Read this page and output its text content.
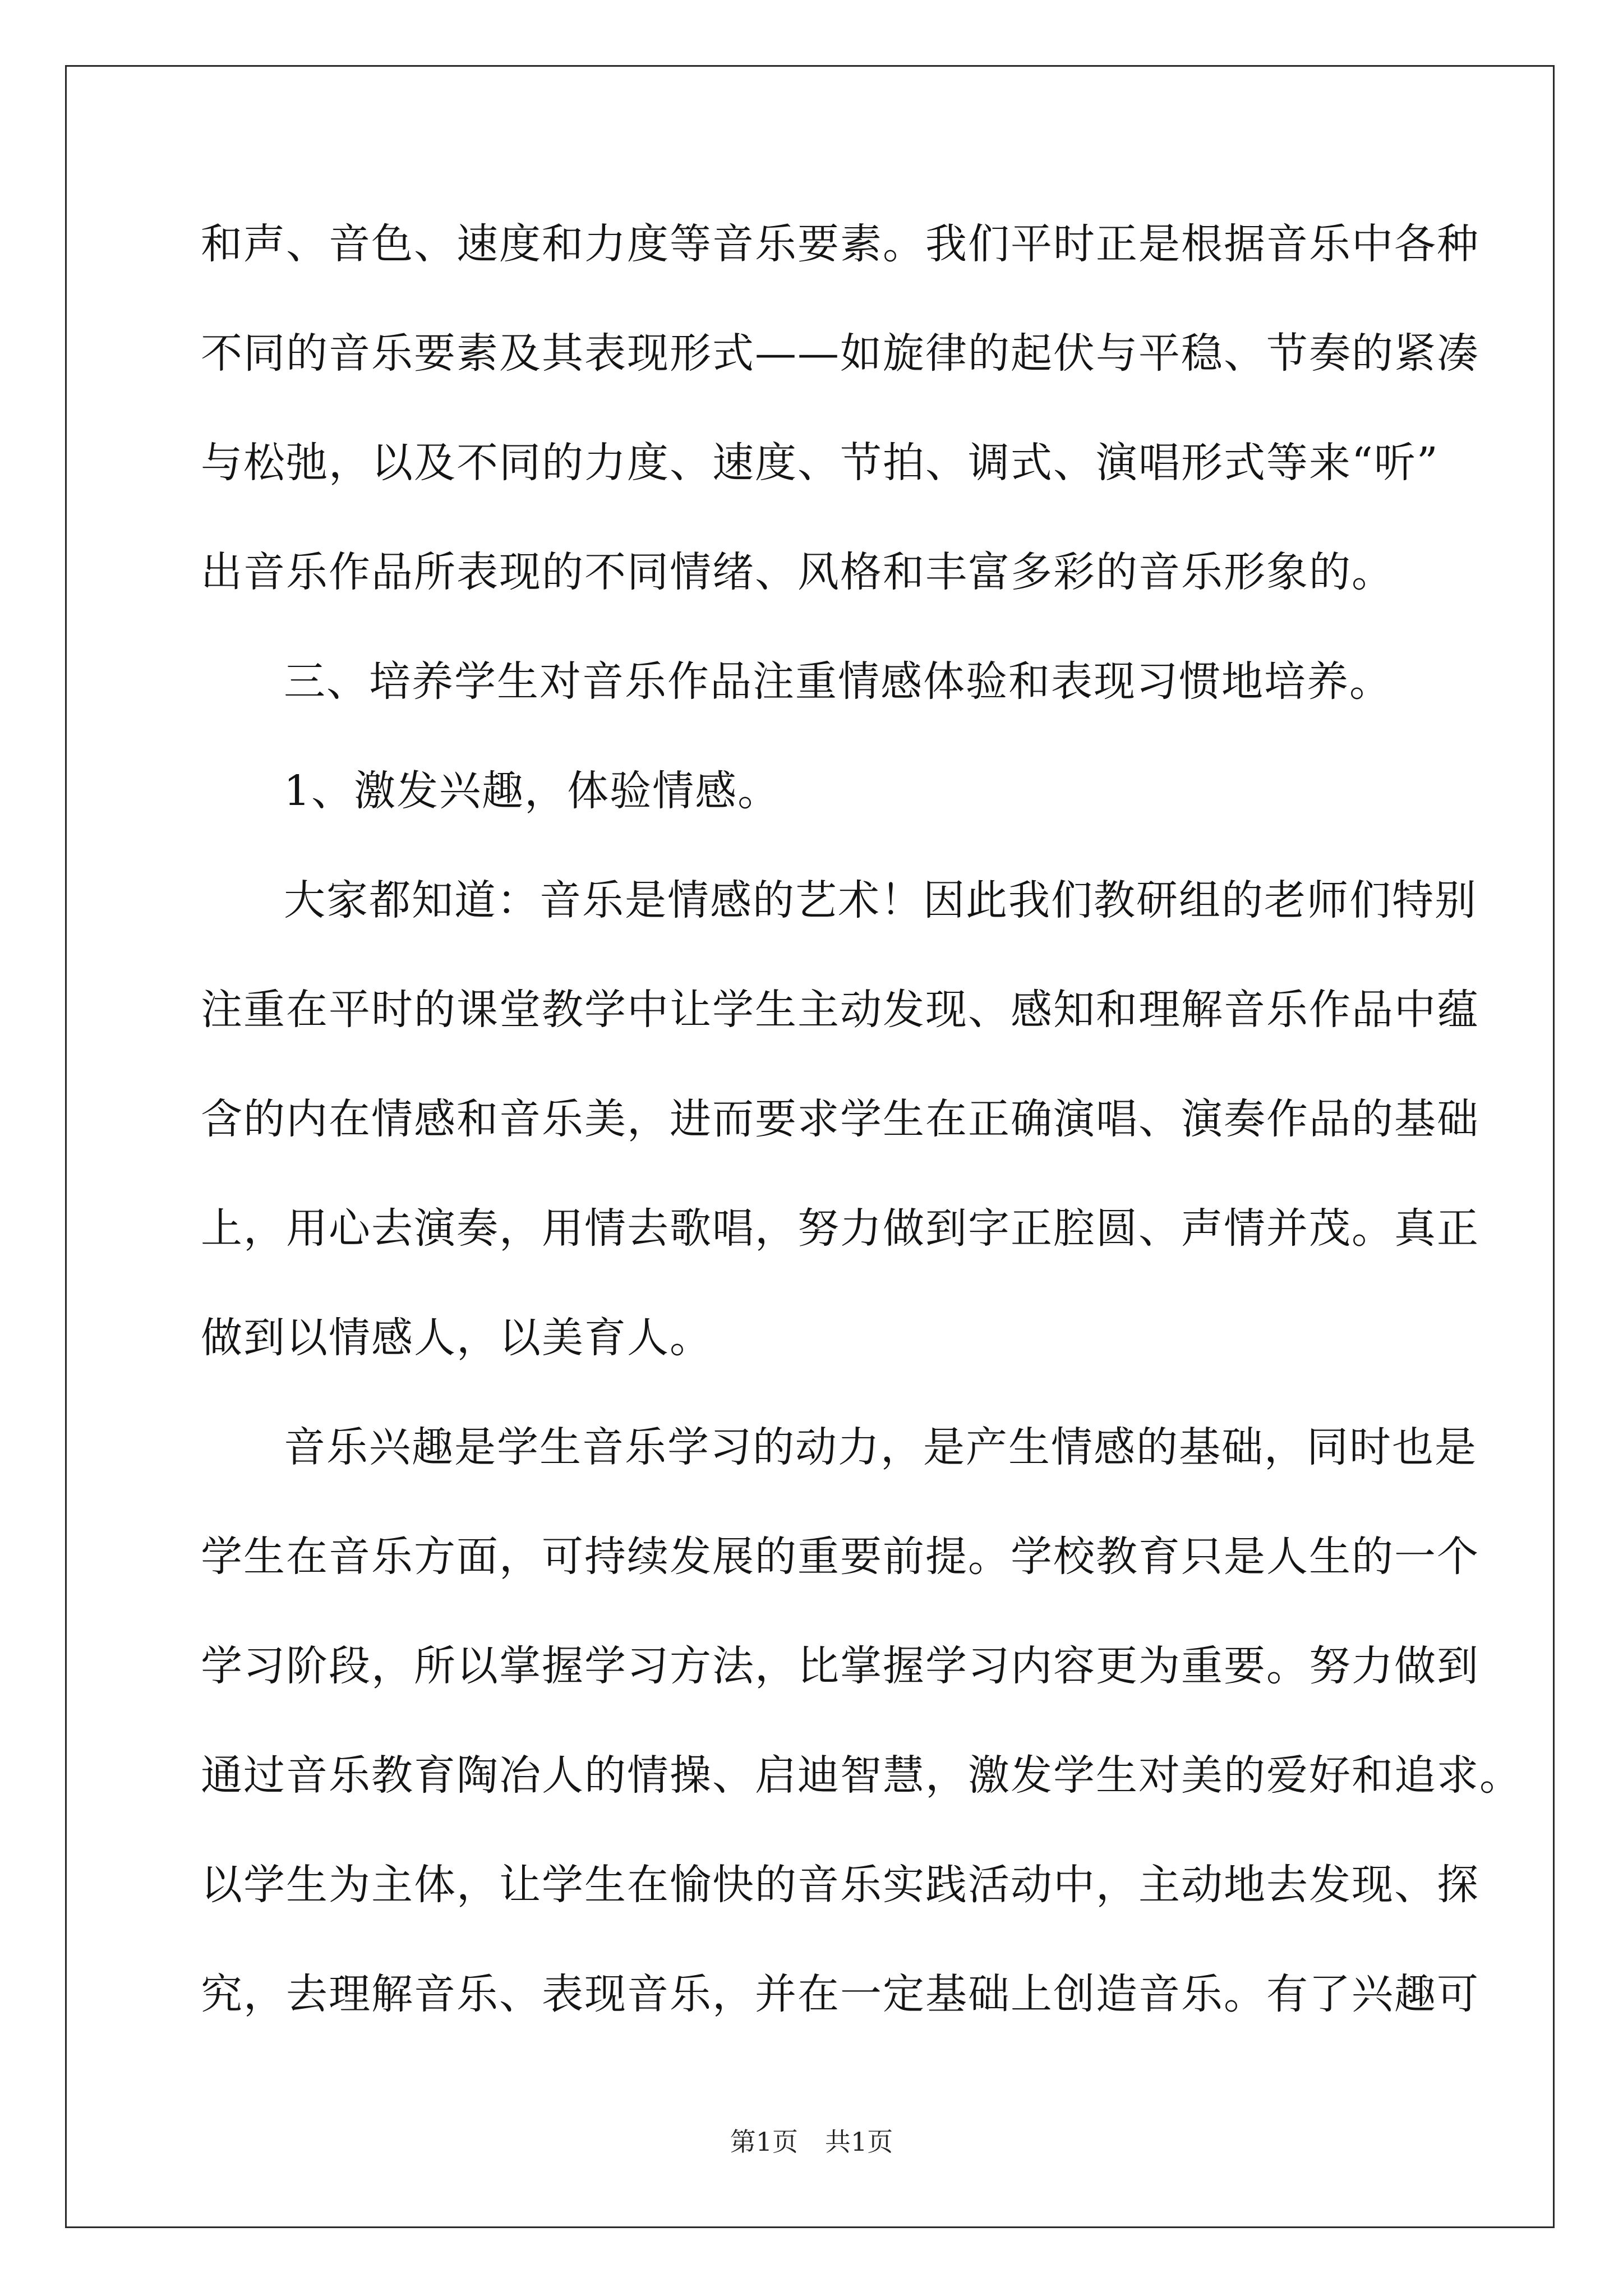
和声、音色、速度和力度等音乐要素。我们平时正是根据音乐中各种
不同的音乐要素及其表现形式——如旋律的起伏与平稳、节奏的紧凑
与松弛，以及不同的力度、速度、节拍、调式、演唱形式等来“听”
出音乐作品所表现的不同情绪、风格和丰富多彩的音乐形象的。
三、培养学生对音乐作品注重情感体验和表现习惯地培养。
1、激发兴趣，体验情感。
大家都知道：音乐是情感的艺术！因此我们教研组的老师们特别
注重在平时的课堂教学中让学生主动发现、感知和理解音乐作品中蕴
含的内在情感和音乐美，进而要求学生在正确演唱、演奏作品的基础
上，用心去演奏，用情去歌唱，努力做到字正腔圆、声情并茂。真正
做到以情感人，以美育人。
音乐兴趣是学生音乐学习的动力，是产生情感的基础，同时也是
学生在音乐方面，可持续发展的重要前提。学校教育只是人生的一个
学习阶段，所以掌握学习方法，比掌握学习内容更为重要。努力做到
通过音乐教育陶冶人的情操、启迪智慧，激发学生对美的爱好和追求。
以学生为主体，让学生在愉快的音乐实践活动中，主动地去发现、探
究，去理解音乐、表现音乐，并在一定基础上创造音乐。有了兴趣可
第1页 共1页
